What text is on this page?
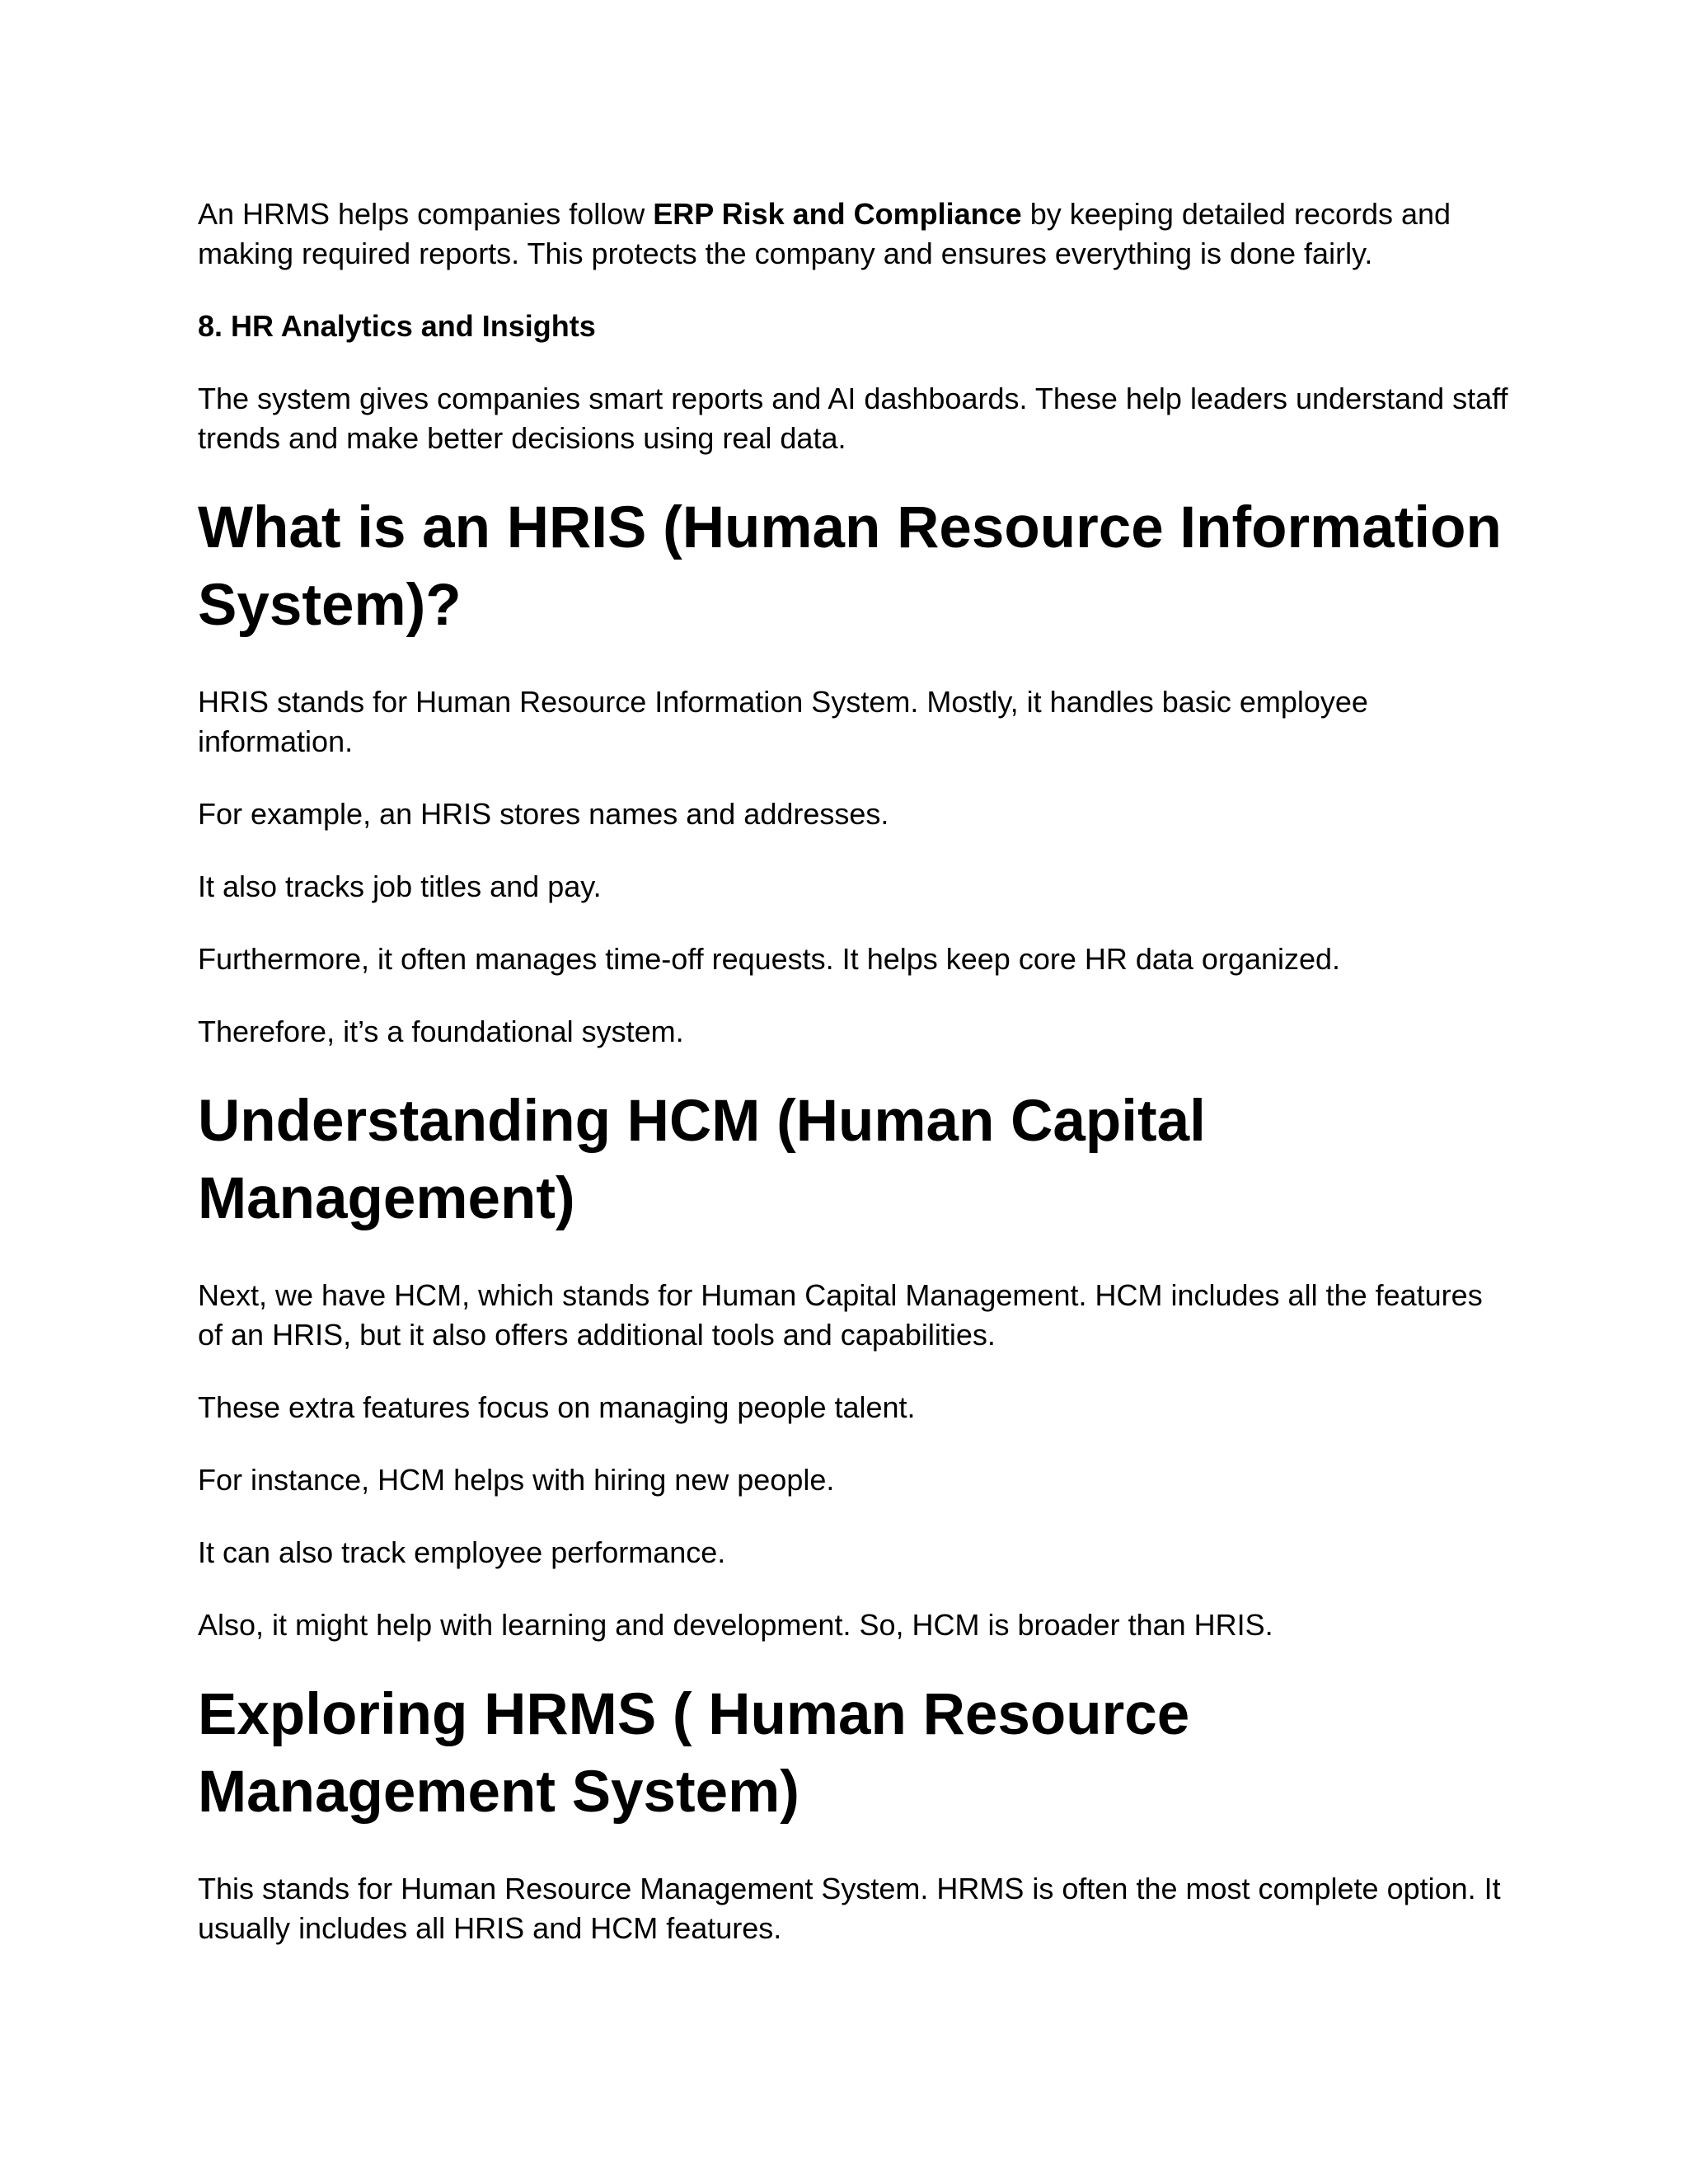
An HRMS helps companies follow ERP Risk and Compliance by keeping detailed records and making required reports. This protects the company and ensures everything is done fairly.

8. HR Analytics and Insights

The system gives companies smart reports and AI dashboards. These help leaders understand staff trends and make better decisions using real data.

What is an HRIS (Human Resource Information System)?

HRIS stands for Human Resource Information System. Mostly, it handles basic employee information.

For example, an HRIS stores names and addresses.

It also tracks job titles and pay.

Furthermore, it often manages time-off requests. It helps keep core HR data organized.

Therefore, it’s a foundational system.

Understanding HCM (Human Capital Management)

Next, we have HCM, which stands for Human Capital Management. HCM includes all the features of an HRIS, but it also offers additional tools and capabilities.

These extra features focus on managing people talent.

For instance, HCM helps with hiring new people.

It can also track employee performance.

Also, it might help with learning and development. So, HCM is broader than HRIS.

Exploring HRMS ( Human Resource Management System)

This stands for Human Resource Management System. HRMS is often the most complete option. It usually includes all HRIS and HCM features.
